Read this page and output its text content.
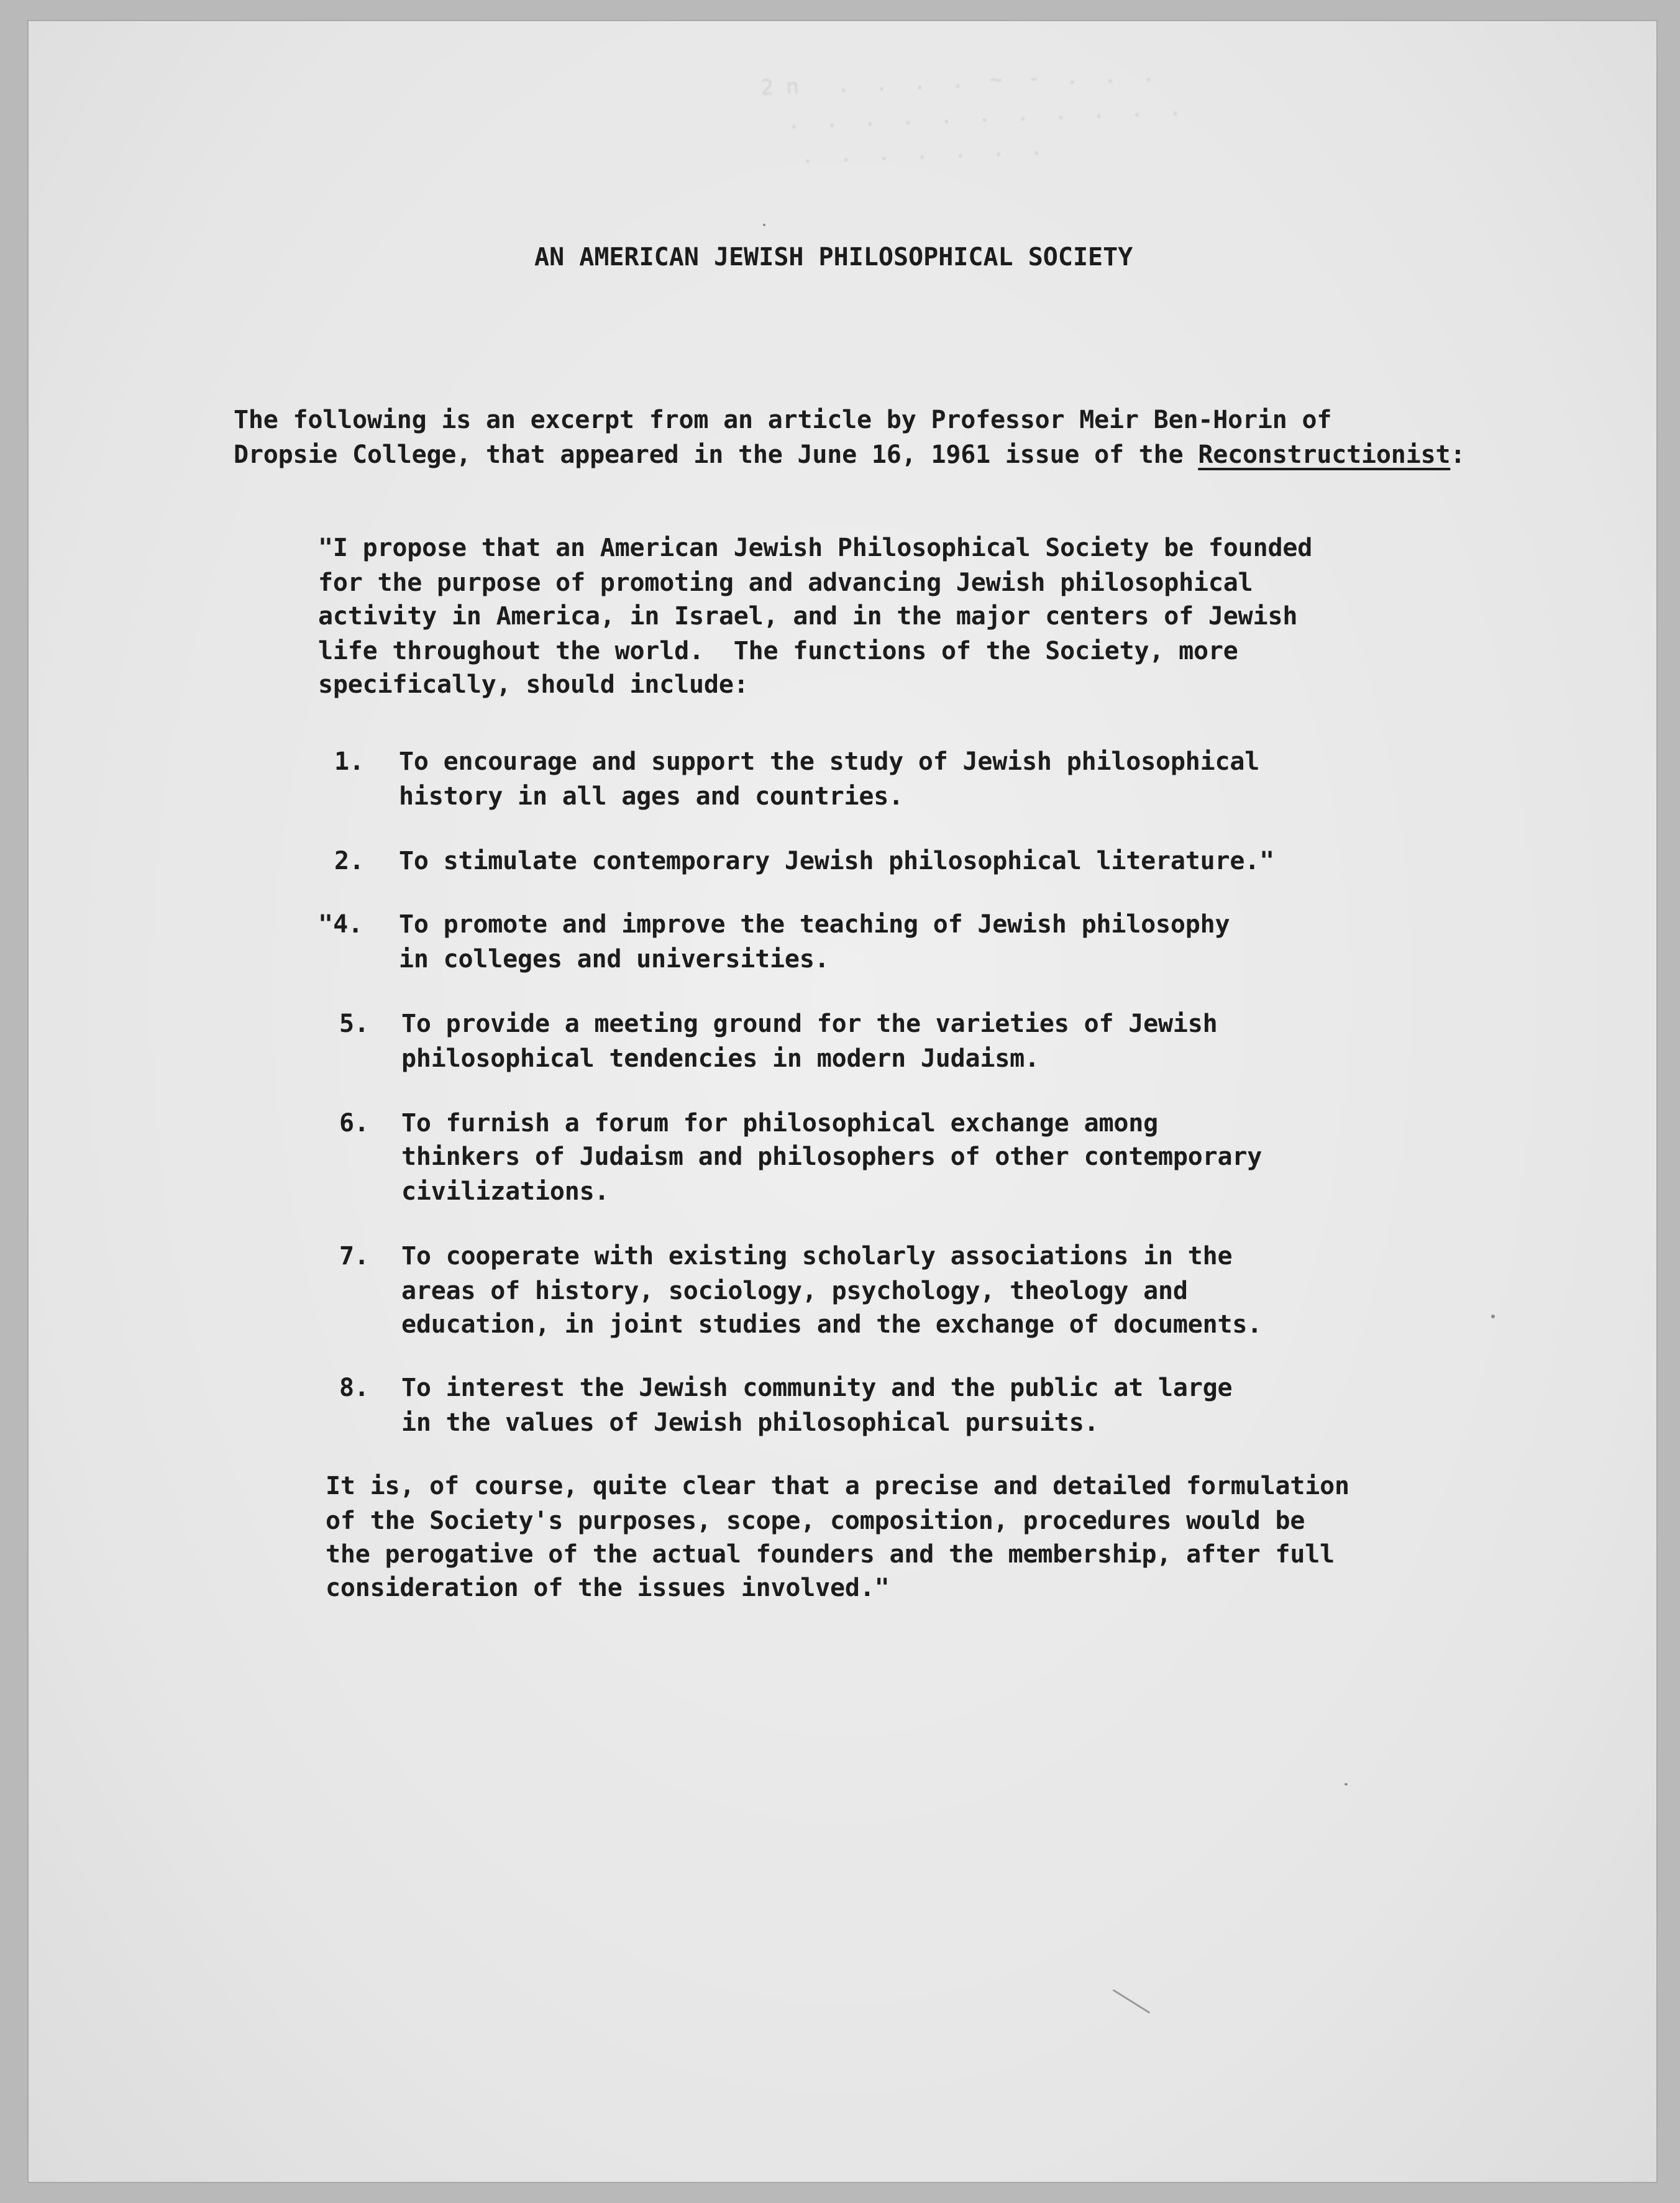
2 n   .  .  .  .  ~  -  .  .  .
.  .  .  .  .  .  .  .  .  .  .
.  .  .  .  .  .  .
AN AMERICAN JEWISH PHILOSOPHICAL SOCIETY
The following is an excerpt from an article by Professor Meir Ben-Horin of
Dropsie College, that appeared in the June 16, 1961 issue of the Reconstructionist:
"I propose that an American Jewish Philosophical Society be founded
for the purpose of promoting and advancing Jewish philosophical
activity in America, in Israel, and in the major centers of Jewish
life throughout the world.  The functions of the Society, more
specifically, should include:
1. To encourage and support the study of Jewish philosophical
history in all ages and countries.
2. To stimulate contemporary Jewish philosophical literature."
"4. To promote and improve the teaching of Jewish philosophy
in colleges and universities.
5. To provide a meeting ground for the varieties of Jewish
philosophical tendencies in modern Judaism.
6. To furnish a forum for philosophical exchange among
thinkers of Judaism and philosophers of other contemporary
civilizations.
7. To cooperate with existing scholarly associations in the
areas of history, sociology, psychology, theology and
education, in joint studies and the exchange of documents.
8. To interest the Jewish community and the public at large
in the values of Jewish philosophical pursuits.
It is, of course, quite clear that a precise and detailed formulation
of the Society's purposes, scope, composition, procedures would be
the perogative of the actual founders and the membership, after full
consideration of the issues involved."
